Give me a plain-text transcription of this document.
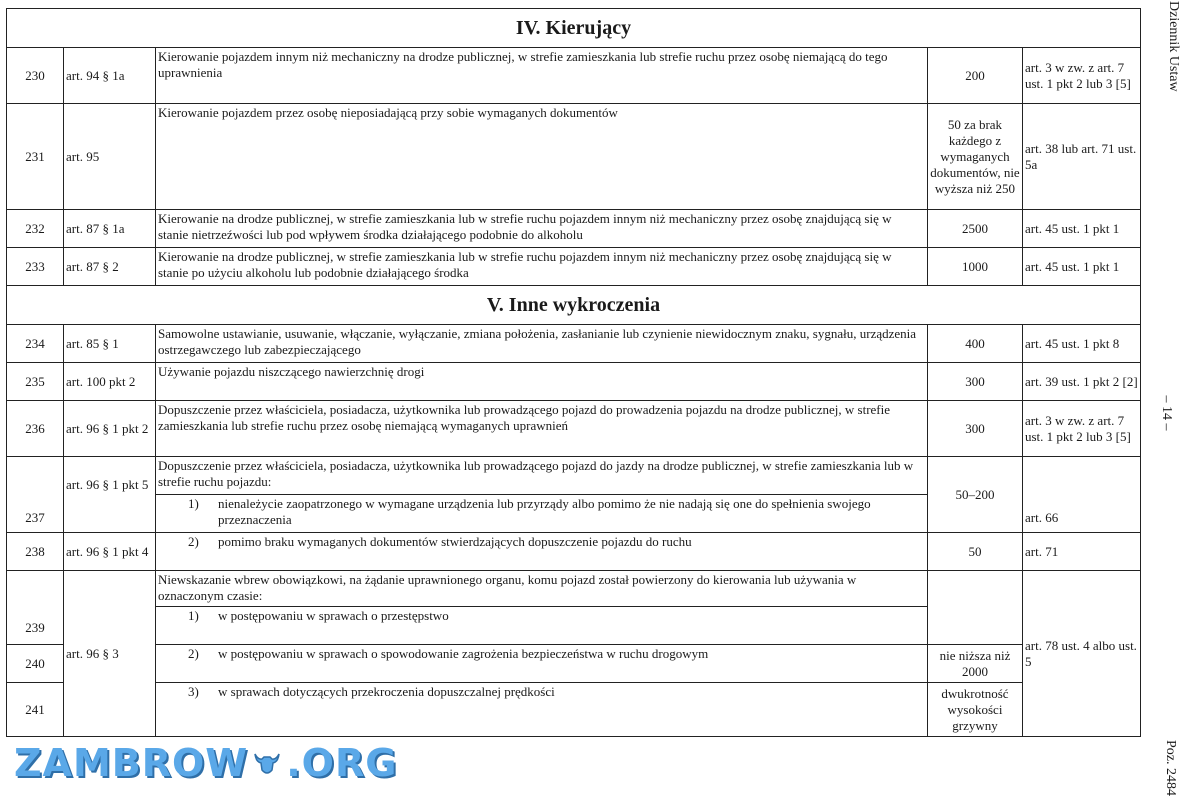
IV. Kierujący				
230	art. 94 § 1a	Kierowanie pojazdem innym niż mechaniczny na drodze publicznej, w strefie zamieszkania lub strefie ruchu przez osobę niemającą do tego uprawnienia	200	art. 3 w zw. z art. 7 ust. 1 pkt 2 lub 3 [5]
231	art. 95	Kierowanie pojazdem przez osobę nieposiadającą przy sobie wymaganych dokumentów	50 za brak każdego z wymaganych dokumentów, nie wyższa niż 250	art. 38 lub art. 71 ust. 5a
232	art. 87 § 1a	Kierowanie na drodze publicznej, w strefie zamieszkania lub w strefie ruchu pojazdem innym niż mechaniczny przez osobę znajdującą się w stanie nietrzeźwości lub pod wpływem środka działającego podobnie do alkoholu	2500	art. 45 ust. 1 pkt 1
233	art. 87 § 2	Kierowanie na drodze publicznej, w strefie zamieszkania lub w strefie ruchu pojazdem innym niż mechaniczny przez osobę znajdującą się w stanie po użyciu alkoholu lub podobnie działającego środka	1000	art. 45 ust. 1 pkt 1
V. Inne wykroczenia				
234	art. 85 § 1	Samowolne ustawianie, usuwanie, włączanie, wyłączanie, zmiana położenia, zasłanianie lub czynienie niewidocznym znaku, sygnału, urządzenia ostrzegawczego lub zabezpieczającego	400	art. 45 ust. 1 pkt 8
235	art. 100 pkt 2	Używanie pojazdu niszczącego nawierzchnię drogi	300	art. 39 ust. 1 pkt 2 [2]
236	art. 96 § 1 pkt 2	Dopuszczenie przez właściciela, posiadacza, użytkownika lub prowadzącego pojazd do prowadzenia pojazdu na drodze publicznej, w strefie zamieszkania lub strefie ruchu przez osobę niemającą wymaganych uprawnień	300	art. 3 w zw. z art. 7 ust. 1 pkt 2 lub 3 [5]
237	art. 96 § 1 pkt 5	Dopuszczenie przez właściciela, posiadacza, użytkownika lub prowadzącego pojazd do jazdy na drodze publicznej, w strefie zamieszkania lub w strefie ruchu pojazdu:	50–200	art. 66

		1) nienależycie zaopatrzonego w wymagane urządzenia lub przyrządy albo pomimo że nie nadają się one do spełnienia swojego przeznaczenia		

238	art. 96 § 1 pkt 4	2) pomimo braku wymaganych dokumentów stwierdzających dopuszczenie pojazdu do ruchu	50	art. 71
239	art. 96 § 3	Niewskazanie wbrew obowiązkowi, na żądanie uprawnionego organu, komu pojazd został powierzony do kierowania lub używania w oznaczonym czasie:		art. 78 ust. 4 albo ust. 5

		1) w postępowaniu w sprawach o przestępstwo		

240		2) w postępowaniu w sprawach o spowodowanie zagrożenia bezpieczeństwa w ruchu drogowym	nie niższa niż 2000	
241		3) w sprawach dotyczących przekroczenia dopuszczalnej prędkości	dwukrotność wysokości grzywny	
Dziennik Ustaw
– 14 –
Poz. 2484
ZAMBROW .ORG
